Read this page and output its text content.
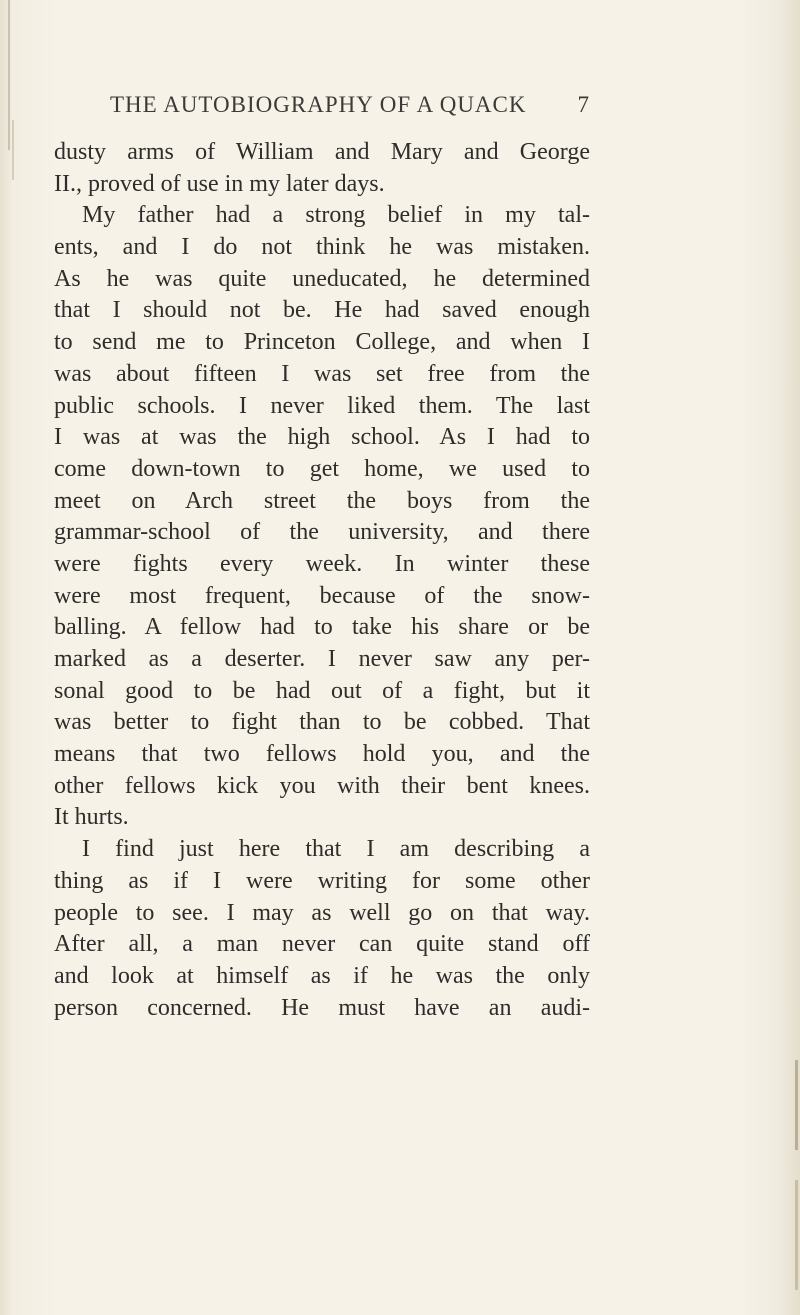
THE AUTOBIOGRAPHY OF A QUACK 7
dusty arms of William and Mary and George
II., proved of use in my later days.
My father had a strong belief in my tal-
ents, and I do not think he was mistaken.
As he was quite uneducated, he determined
that I should not be. He had saved enough
to send me to Princeton College, and when I
was about fifteen I was set free from the
public schools. I never liked them. The last
I was at was the high school. As I had to
come down-town to get home, we used to
meet on Arch street the boys from the
grammar-school of the university, and there
were fights every week. In winter these
were most frequent, because of the snow-
balling. A fellow had to take his share or be
marked as a deserter. I never saw any per-
sonal good to be had out of a fight, but it
was better to fight than to be cobbed. That
means that two fellows hold you, and the
other fellows kick you with their bent knees.
It hurts.
I find just here that I am describing a
thing as if I were writing for some other
people to see. I may as well go on that way.
After all, a man never can quite stand off
and look at himself as if he was the only
person concerned. He must have an audi-
